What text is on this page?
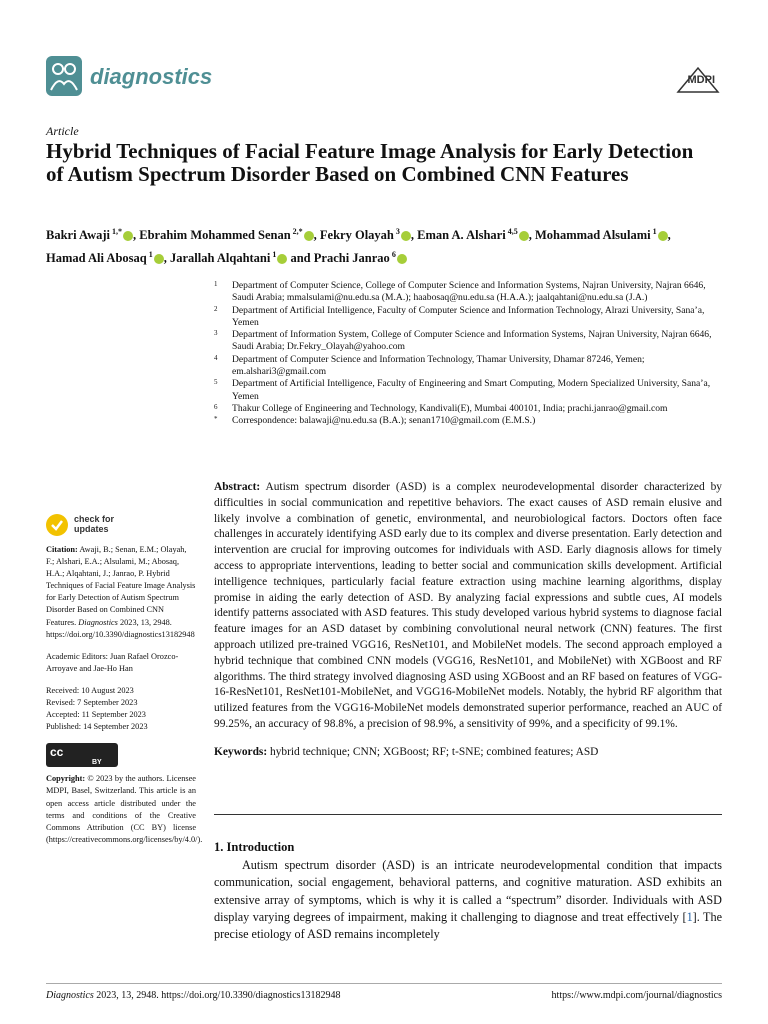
diagnostics	MDPI
Article
Hybrid Techniques of Facial Feature Image Analysis for Early Detection of Autism Spectrum Disorder Based on Combined CNN Features
Bakri Awaji $^{1,*}$ , Ebrahim Mohammed Senan $^{2,*}$ , Fekry Olayah $^3$ , Eman A. Alshari $^{4,5}$ , Mohammad Alsulami $^1$ ,
Hamad Ali Abosaq $^1$ , Jarallah Alqahtani $^1$ and Prachi Janrao $^6$
1 Department of Computer Science, College of Computer Science and Information Systems, Najran University, Najran 6646, Saudi Arabia; mmalsulami@nu.edu.sa (M.A.); haabosaq@nu.edu.sa (H.A.A.); jaalqahtani@nu.edu.sa (J.A.)
2 Department of Artificial Intelligence, Faculty of Computer Science and Information Technology, Alrazi University, Sana’a, Yemen
3 Department of Information System, College of Computer Science and Information Systems, Najran University, Najran 6646, Saudi Arabia; Dr.Fekry_Olayah@yahoo.com
4 Department of Computer Science and Information Technology, Thamar University, Dhamar 87246, Yemen; em.alshari3@gmail.com
5 Department of Artificial Intelligence, Faculty of Engineering and Smart Computing, Modern Specialized University, Sana’a, Yemen
6 Thakur College of Engineering and Technology, Kandivali(E), Mumbai 400101, India; prachi.janrao@gmail.com
* Correspondence: balawaji@nu.edu.sa (B.A.); senan1710@gmail.com (E.M.S.)
check for
updates
Citation: Awaji, B.; Senan, E.M.; Olayah, F.; Alshari, E.A.; Alsulami, M.; Abosaq, H.A.; Alqahtani, J.; Janrao, P. Hybrid Techniques of Facial Feature Image Analysis for Early Detection of Autism Spectrum Disorder Based on Combined CNN Features. Diagnostics 2023, 13, 2948. https://doi.org/10.3390/diagnostics13182948
Academic Editors: Juan Rafael Orozco-Arroyave and Jae-Ho Han
Received: 10 August 2023
Revised: 7 September 2023
Accepted: 11 September 2023
Published: 14 September 2023
cc
BY
Copyright: © 2023 by the authors. Licensee MDPI, Basel, Switzerland. This article is an open access article distributed under the terms and conditions of the Creative Commons Attribution (CC BY) license (https://creativecommons.org/licenses/by/4.0/).
Abstract: Autism spectrum disorder (ASD) is a complex neurodevelopmental disorder characterized by difficulties in social communication and repetitive behaviors. The exact causes of ASD remain elusive and likely involve a combination of genetic, environmental, and neurobiological factors. Doctors often face challenges in accurately identifying ASD early due to its complex and diverse presentation. Early detection and intervention are crucial for improving outcomes for individuals with ASD. Early diagnosis allows for timely access to appropriate interventions, leading to better social and communication skills development. Artificial intelligence techniques, particularly facial feature extraction using machine learning algorithms, display promise in aiding the early detection of ASD. By analyzing facial expressions and subtle cues, AI models identify patterns associated with ASD features. This study developed various hybrid systems to diagnose facial feature images for an ASD dataset by combining convolutional neural network (CNN) features. The first approach utilized pre-trained VGG16, ResNet101, and MobileNet models. The second approach employed a hybrid technique that combined CNN models (VGG16, ResNet101, and MobileNet) with XGBoost and RF algorithms. The third strategy involved diagnosing ASD using XGBoost and an RF based on features of VGG-16-ResNet101, ResNet101-MobileNet, and VGG16-MobileNet models. Notably, the hybrid RF algorithm that utilized features from the VGG16-MobileNet models demonstrated superior performance, reached an AUC of 99.25%, an accuracy of 98.8%, a precision of 98.9%, a sensitivity of 99%, and a specificity of 99.1%.
Keywords: hybrid technique; CNN; XGBoost; RF; t-SNE; combined features; ASD
1. Introduction
Autism spectrum disorder (ASD) is an intricate neurodevelopmental condition that impacts communication, social engagement, behavioral patterns, and cognitive maturation. ASD exhibits an extensive array of symptoms, which is why it is called a “spectrum” disorder. Individuals with ASD display varying degrees of impairment, making it challenging to diagnose and treat effectively [1]. The precise etiology of ASD remains incompletely
Diagnostics 2023, 13, 2948. https://doi.org/10.3390/diagnostics13182948	https://www.mdpi.com/journal/diagnostics
